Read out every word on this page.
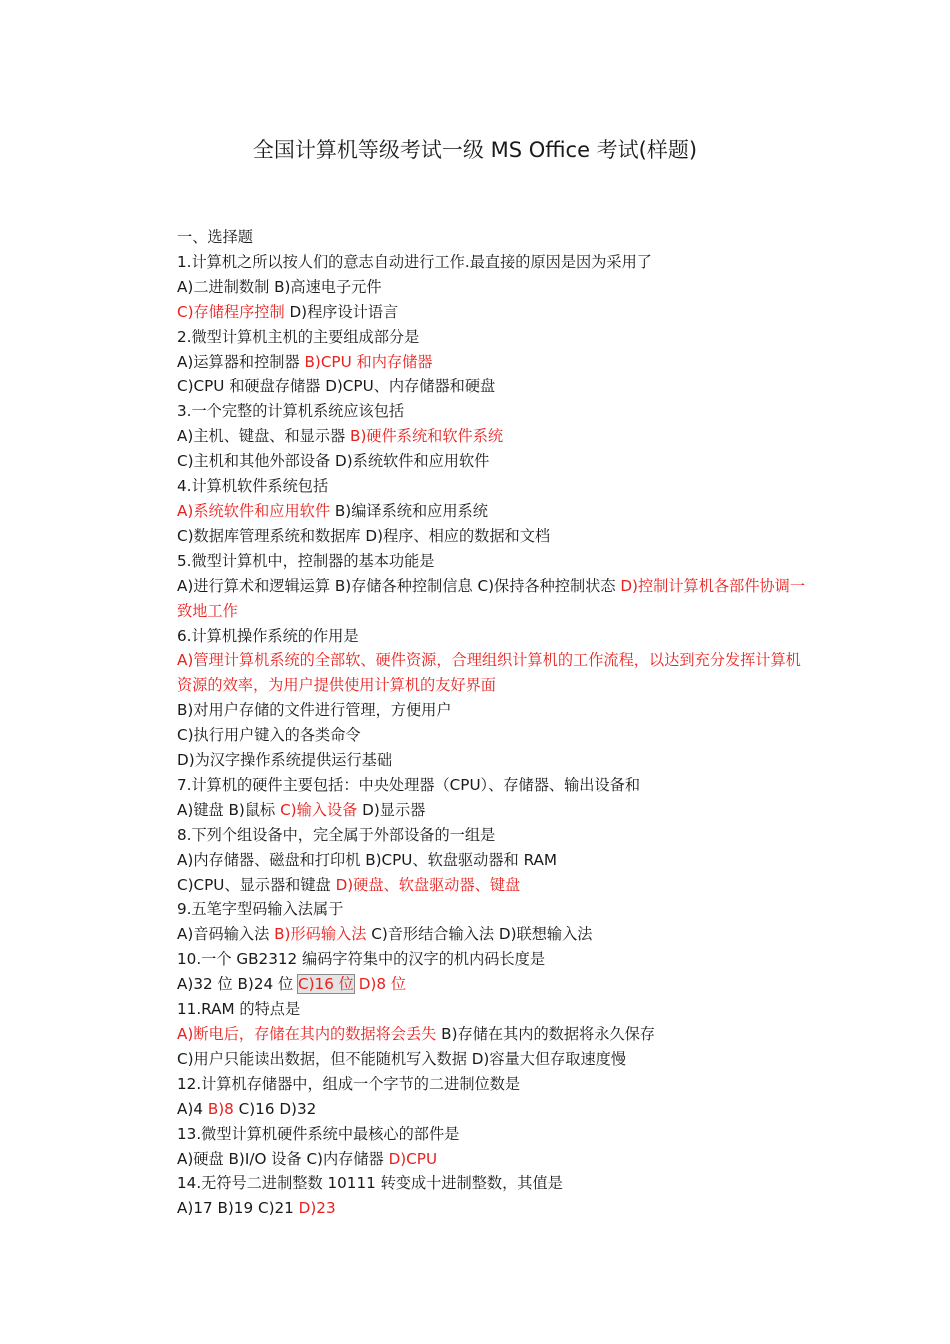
全国计算机等级考试一级 MS Office 考试(样题)

一、选择题

1.计算机之所以按人们的意志自动进行工作.最直接的原因是因为采用了

A)二进制数制 B)高速电子元件

C)存储程序控制 D)程序设计语言

2.微型计算机主机的主要组成部分是

A)运算器和控制器 B)CPU 和内存储器

C)CPU 和硬盘存储器 D)CPU、内存储器和硬盘

3.一个完整的计算机系统应该包括

A)主机、键盘、和显示器 B)硬件系统和软件系统

C)主机和其他外部设备 D)系统软件和应用软件

4.计算机软件系统包括

A)系统软件和应用软件 B)编译系统和应用系统

C)数据库管理系统和数据库 D)程序、相应的数据和文档

5.微型计算机中，控制器的基本功能是

A)进行算术和逻辑运算 B)存储各种控制信息 C)保持各种控制状态 D)控制计算机各部件协调一致地工作

6.计算机操作系统的作用是

A)管理计算机系统的全部软、硬件资源，合理组织计算机的工作流程，以达到充分发挥计算机资源的效率，为用户提供使用计算机的友好界面

B)对用户存储的文件进行管理，方便用户

C)执行用户键入的各类命令

D)为汉字操作系统提供运行基础

7.计算机的硬件主要包括：中央处理器（CPU）、存储器、输出设备和

A)键盘 B)鼠标 C)输入设备 D)显示器

8.下列个组设备中，完全属于外部设备的一组是

A)内存储器、磁盘和打印机 B)CPU、软盘驱动器和 RAM

C)CPU、显示器和键盘 D)硬盘、软盘驱动器、键盘

9.五笔字型码输入法属于

A)音码输入法 B)形码输入法 C)音形结合输入法 D)联想输入法

10.一个 GB2312 编码字符集中的汉字的机内码长度是

A)32 位 B)24 位 C)16 位 D)8 位

11.RAM 的特点是

A)断电后，存储在其内的数据将会丢失 B)存储在其内的数据将永久保存

C)用户只能读出数据，但不能随机写入数据 D)容量大但存取速度慢

12.计算机存储器中，组成一个字节的二进制位数是

A)4 B)8 C)16 D)32

13.微型计算机硬件系统中最核心的部件是

A)硬盘 B)I/O 设备 C)内存储器 D)CPU

14.无符号二进制整数 10111 转变成十进制整数，其值是

A)17 B)19 C)21 D)23
